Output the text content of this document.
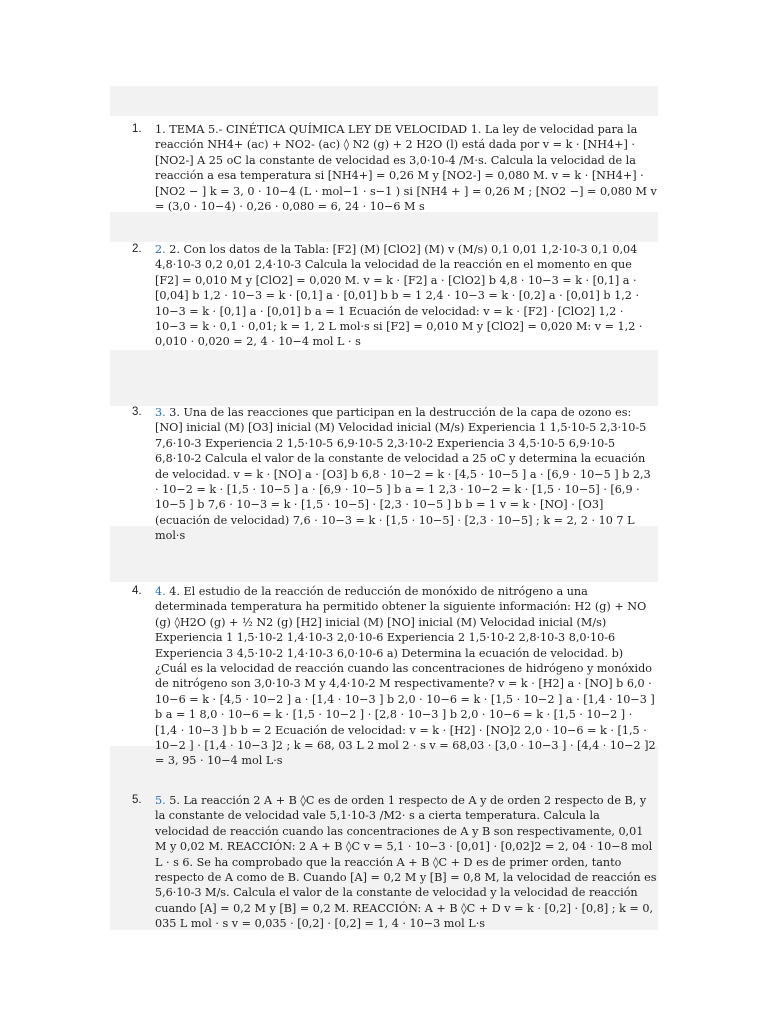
1. 1. TEMA 5.- CINÉTICA QUÍMICA LEY DE VELOCIDAD 1. La ley de velocidad para la reacción NH4+ (ac) + NO2- (ac) ◊ N2 (g) + 2 H2O (l) está dada por v = k · [NH4+] · [NO2-] A 25 oC la constante de velocidad es 3,0·10-4 /M·s. Calcula la velocidad de la reacción a esa temperatura si [NH4+] = 0,26 M y [NO2-] = 0,080 M. v = k · [NH4+] · [NO2 − ] k = 3, 0 · 10−4 (L · mol−1 · s−1 ) si [NH4 + ] = 0,26 M ; [NO2 −] = 0,080 M v = (3,0 · 10−4) · 0,26 · 0,080 = 6, 24 · 10−6 M s
2. 2. 2. Con los datos de la Tabla: [F2] (M) [ClO2] (M) v (M/s) 0,1 0,01 1,2·10-3 0,1 0,04 4,8·10-3 0,2 0,01 2,4·10-3 Calcula la velocidad de la reacción en el momento en que [F2] = 0,010 M y [ClO2] = 0,020 M. v = k · [F2] a · [ClO2] b 4,8 · 10−3 = k · [0,1] a · [0,04] b 1,2 · 10−3 = k · [0,1] a · [0,01] b b = 1 2,4 · 10−3 = k · [0,2] a · [0,01] b 1,2 · 10−3 = k · [0,1] a · [0,01] b a = 1 Ecuación de velocidad: v = k · [F2] · [ClO2] 1,2 · 10−3 = k · 0,1 · 0,01; k = 1, 2 L mol·s si [F2] = 0,010 M y [ClO2] = 0,020 M: v = 1,2 · 0,010 · 0,020 = 2, 4 · 10−4 mol L · s
3. 3. 3. Una de las reacciones que participan en la destrucción de la capa de ozono es: [NO] inicial (M) [O3] inicial (M) Velocidad inicial (M/s) Experiencia 1 1,5·10-5 2,3·10-5 7,6·10-3 Experiencia 2 1,5·10-5 6,9·10-5 2,3·10-2 Experiencia 3 4,5·10-5 6,9·10-5 6,8·10-2 Calcula el valor de la constante de velocidad a 25 oC y determina la ecuación de velocidad. v = k · [NO] a · [O3] b 6,8 · 10−2 = k · [4,5 · 10−5 ] a · [6,9 · 10−5 ] b 2,3 · 10−2 = k · [1,5 · 10−5 ] a · [6,9 · 10−5 ] b a = 1 2,3 · 10−2 = k · [1,5 · 10−5] · [6,9 · 10−5 ] b 7,6 · 10−3 = k · [1,5 · 10−5] · [2,3 · 10−5 ] b b = 1 v = k · [NO] · [O3] (ecuación de velocidad) 7,6 · 10−3 = k · [1,5 · 10−5] · [2,3 · 10−5] ; k = 2, 2 · 10 7 L mol·s
4. 4. 4. El estudio de la reacción de reducción de monóxido de nitrógeno a una determinada temperatura ha permitido obtener la siguiente información: H2 (g) + NO (g) ◊H2O (g) + ½ N2 (g) [H2] inicial (M) [NO] inicial (M) Velocidad inicial (M/s) Experiencia 1 1,5·10-2 1,4·10-3 2,0·10-6 Experiencia 2 1,5·10-2 2,8·10-3 8,0·10-6 Experiencia 3 4,5·10-2 1,4·10-3 6,0·10-6 a) Determina la ecuación de velocidad. b) ¿Cuál es la velocidad de reacción cuando las concentraciones de hidrógeno y monóxido de nitrógeno son 3,0·10-3 M y 4,4·10-2 M respectivamente? v = k · [H2] a · [NO] b 6,0 · 10−6 = k · [4,5 · 10−2 ] a · [1,4 · 10−3 ] b 2,0 · 10−6 = k · [1,5 · 10−2 ] a · [1,4 · 10−3 ] b a = 1 8,0 · 10−6 = k · [1,5 · 10−2 ] · [2,8 · 10−3 ] b 2,0 · 10−6 = k · [1,5 · 10−2 ] · [1,4 · 10−3 ] b b = 2 Ecuación de velocidad: v = k · [H2] · [NO]2 2,0 · 10−6 = k · [1,5 · 10−2 ] · [1,4 · 10−3 ]2 ; k = 68, 03 L 2 mol 2 · s v = 68,03 · [3,0 · 10−3 ] · [4,4 · 10−2 ]2 = 3, 95 · 10−4 mol L·s
5. 5. 5. La reacción 2 A + B ◊C es de orden 1 respecto de A y de orden 2 respecto de B, y la constante de velocidad vale 5,1·10-3 /M2· s a cierta temperatura. Calcula la velocidad de reacción cuando las concentraciones de A y B son respectivamente, 0,01 M y 0,02 M. REACCIÓN: 2 A + B ◊C v = 5,1 · 10−3 · [0,01] · [0,02]2 = 2, 04 · 10−8 mol L · s 6. Se ha comprobado que la reacción A + B ◊C + D es de primer orden, tanto respecto de A como de B. Cuando [A] = 0,2 M y [B] = 0,8 M, la velocidad de reacción es 5,6·10-3 M/s. Calcula el valor de la constante de velocidad y la velocidad de reacción cuando [A] = 0,2 M y [B] = 0,2 M. REACCIÓN: A + B ◊C + D v = k · [0,2] · [0,8] ; k = 0, 035 L mol · s v = 0,035 · [0,2] · [0,2] = 1, 4 · 10−3 mol L·s
